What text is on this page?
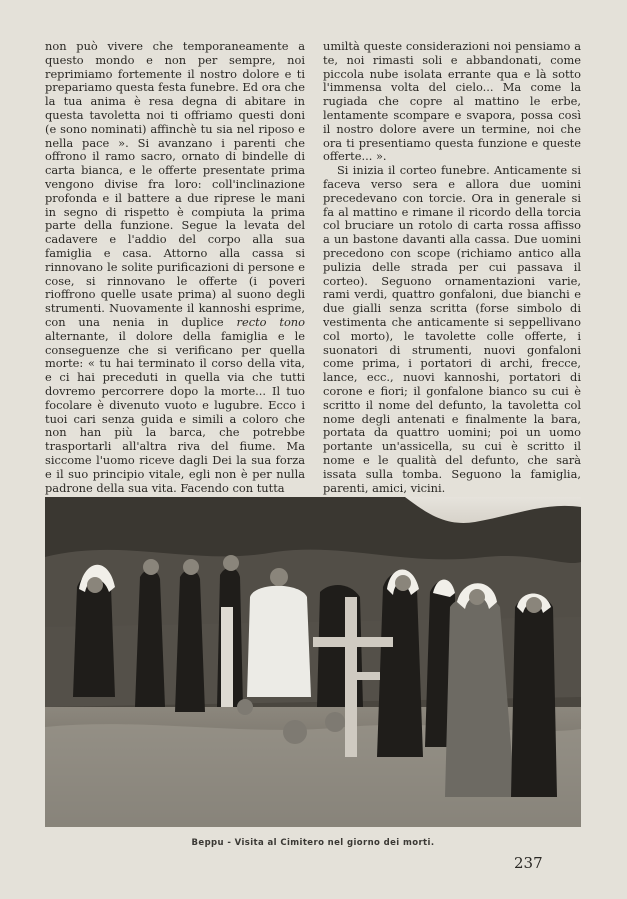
non può vivere che temporaneamente a questo mondo e non per sempre, noi reprimiamo fortemente il nostro dolore e ti prepariamo questa festa funebre. Ed ora che la tua anima è resa degna di abitare in questa tavoletta noi ti offriamo questi doni (e sono nominati) affinchè tu sia nel riposo e nella pace ». Si avanzano i parenti che offrono il ramo sacro, ornato di bindelle di carta bianca, e le offerte presentate prima vengono divise fra loro: coll'inclinazione profonda e il battere a due riprese le mani in segno di rispetto è compiuta la prima parte della funzione. Segue la levata del cadavere e l'addio del corpo alla sua famiglia e casa. Attorno alla cassa si rinnovano le solite purificazioni di persone e cose, si rinnovano le offerte (i poveri rioffrono quelle usate prima) al suono degli strumenti. Nuovamente il kannoshi esprime, con una nenia in duplice recto tono alternante, il dolore della famiglia e le conseguenze che si verificano per quella morte: « tu hai terminato il corso della vita, e ci hai preceduti in quella via che tutti dovremo percorrere dopo la morte... Il tuo focolare è divenuto vuoto e lugubre. Ecco i tuoi cari senza guida e simili a coloro che non han più la barca, che potrebbe trasportarli all'altra riva del fiume. Ma siccome l'uomo riceve dagli Dei la sua forza e il suo principio vitale, egli non è per nulla padrone della sua vita. Facendo con tutta

umiltà queste considerazioni noi pensiamo a te, noi rimasti soli e abbandonati, come piccola nube isolata errante qua e là sotto l'immensa volta del cielo... Ma come la rugiada che copre al mattino le erbe, lentamente scompare e svapora, possa così il nostro dolore avere un termine, noi che ora ti presentiamo questa funzione e queste offerte... ».

Si inizia il corteo funebre. Anticamente si faceva verso sera e allora due uomini precedevano con torcie. Ora in generale si fa al mattino e rimane il ricordo della torcia col bruciare un rotolo di carta rossa affisso a un bastone davanti alla cassa. Due uomini precedono con scope (richiamo antico alla pulizia delle strada per cui passava il corteo). Seguono ornamentazioni varie, rami verdi, quattro gonfaloni, due bianchi e due gialli senza scritta (forse simbolo di vestimenta che anticamente si seppellivano col morto), le tavolette colle offerte, i suonatori di strumenti, nuovi gonfaloni come prima, i portatori di archi, frecce, lance, ecc., nuovi kannoshi, portatori di corone e fiori; il gonfalone bianco su cui è scritto il nome del defunto, la tavoletta col nome degli antenati e finalmente la bara, portata da quattro uomini; poi un uomo portante un'assicella, su cui è scritto il nome e le qualità del defunto, che sarà issata sulla tomba. Seguono la famiglia, parenti, amici, vicini.

Beppu - Visita al Cimitero nel giorno dei morti.
237
